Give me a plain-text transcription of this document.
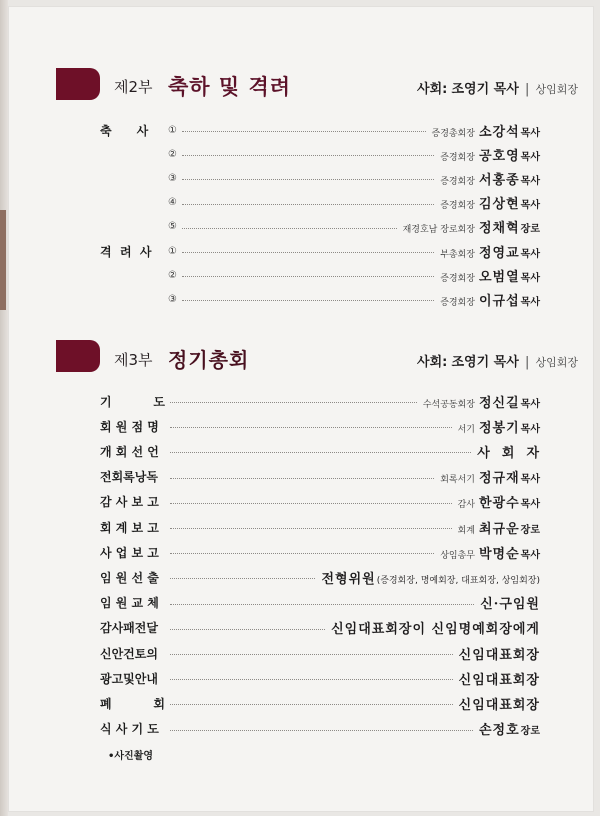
제2부 축하 및 격려	사회: 조영기 목사 | 상임회장
축      사 ①	증경총회장 소강석목사
②	증경회장 공호영목사
③	증경회장 서홍종목사
④	증경회장 김상현목사
⑤	재경호남 장로회장 정채혁장로
격  려  사 ①	부총회장 정영교목사
②	증경회장 오범열목사
③	증경회장 이규섭목사
제3부 정기총회	사회: 조영기 목사 | 상임회장
기          도	수석공동회장 정신길목사
회 원 점 명	서기 정봉기목사
개 회 선 언	사  회  자
전회록낭독	회록서기 정규재목사
감 사 보 고	감사 한광수목사
회 계 보 고	회계 최규운장로
사 업 보 고	상임총무 박명순목사
임 원 선 출	전형위원(증경회장, 명예회장, 대표회장, 상임회장)
임 원 교 체	신·구임원
감사패전달	신임대표회장이 신임명예회장에게
신안건토의	신임대표회장
광고및안내	신임대표회장
폐          회	신임대표회장
식 사 기 도	손정호장로
•사진촬영
